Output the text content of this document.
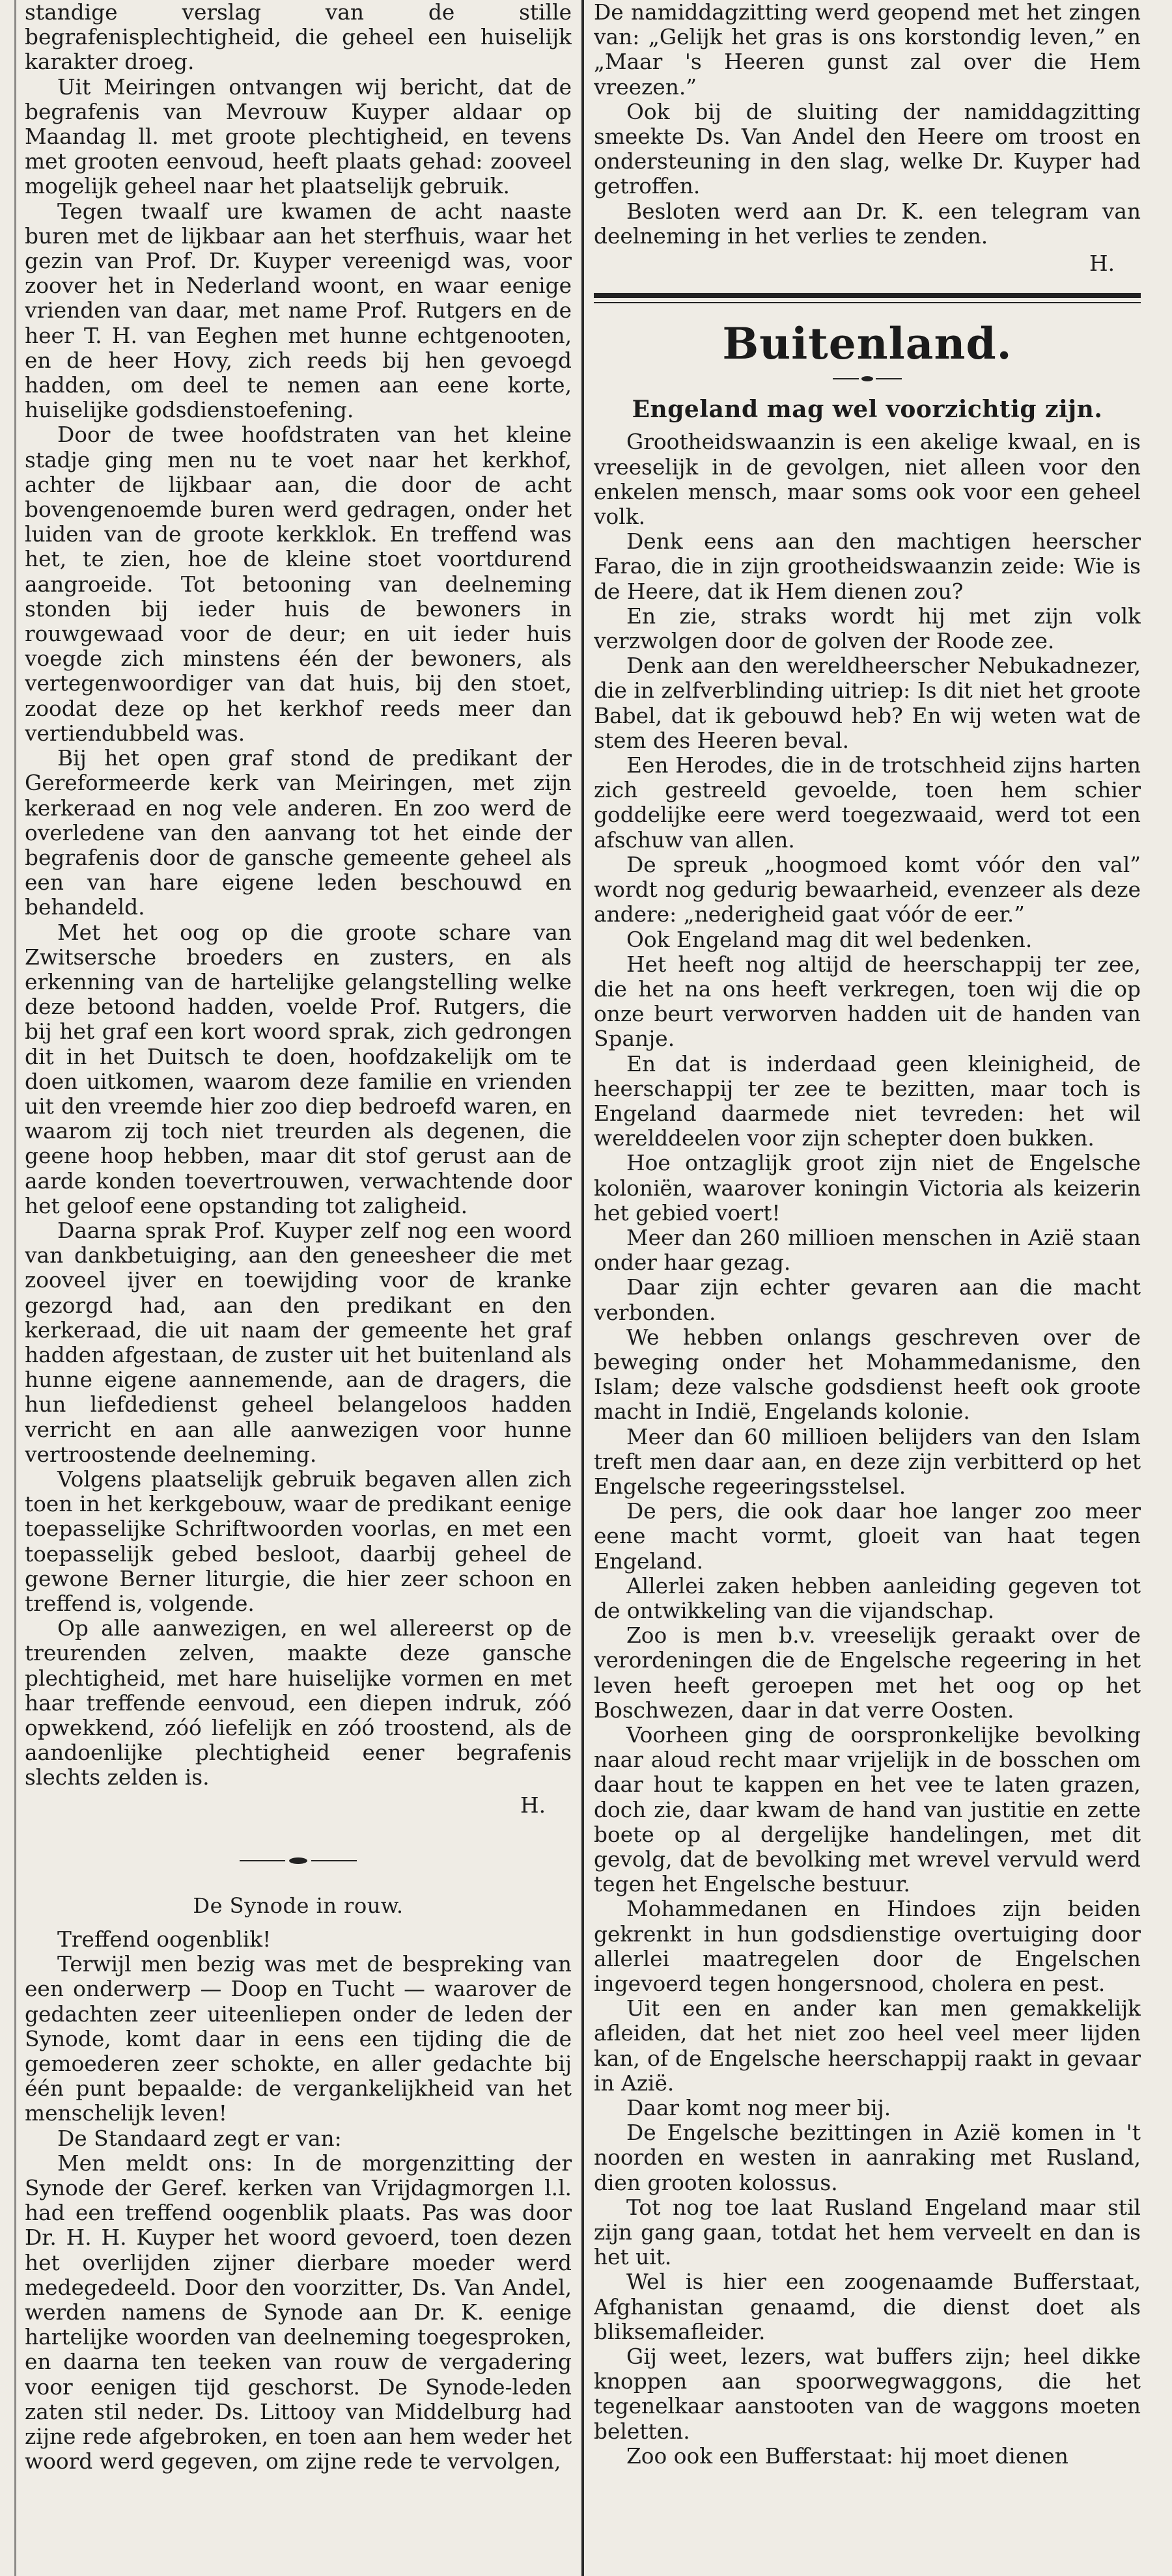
standige verslag van de stille begrafenisplechtigheid, die geheel een huiselijk karakter droeg.

Uit Meiringen ontvangen wij bericht, dat de begrafenis van Mevrouw Kuyper aldaar op Maandag ll. met groote plechtigheid, en tevens met grooten eenvoud, heeft plaats gehad: zooveel mogelijk geheel naar het plaatselijk gebruik.

Tegen twaalf ure kwamen de acht naaste buren met de lijkbaar aan het sterfhuis, waar het gezin van Prof. Dr. Kuyper vereenigd was, voor zoover het in Nederland woont, en waar eenige vrienden van daar, met name Prof. Rutgers en de heer T. H. van Eeghen met hunne echtgenooten, en de heer Hovy, zich reeds bij hen gevoegd hadden, om deel te nemen aan eene korte, huiselijke godsdienstoefening.

Door de twee hoofdstraten van het kleine stadje ging men nu te voet naar het kerkhof, achter de lijkbaar aan, die door de acht bovengenoemde buren werd gedragen, onder het luiden van de groote kerkklok. En treffend was het, te zien, hoe de kleine stoet voortdurend aangroeide. Tot betooning van deelneming stonden bij ieder huis de bewoners in rouwgewaad voor de deur; en uit ieder huis voegde zich minstens één der bewoners, als vertegenwoordiger van dat huis, bij den stoet, zoodat deze op het kerkhof reeds meer dan vertiendubbeld was.

Bij het open graf stond de predikant der Gereformeerde kerk van Meiringen, met zijn kerkeraad en nog vele anderen. En zoo werd de overledene van den aanvang tot het einde der begrafenis door de gansche gemeente geheel als een van hare eigene leden beschouwd en behandeld.

Met het oog op die groote schare van Zwitsersche broeders en zusters, en als erkenning van de hartelijke gelangstelling welke deze betoond hadden, voelde Prof. Rutgers, die bij het graf een kort woord sprak, zich gedrongen dit in het Duitsch te doen, hoofdzakelijk om te doen uitkomen, waarom deze familie en vrienden uit den vreemde hier zoo diep bedroefd waren, en waarom zij toch niet treurden als degenen, die geene hoop hebben, maar dit stof gerust aan de aarde konden toevertrouwen, verwachtende door het geloof eene opstanding tot zaligheid.

Daarna sprak Prof. Kuyper zelf nog een woord van dankbetuiging, aan den geneesheer die met zooveel ijver en toewijding voor de kranke gezorgd had, aan den predikant en den kerkeraad, die uit naam der gemeente het graf hadden afgestaan, de zuster uit het buitenland als hunne eigene aannemende, aan de dragers, die hun liefdedienst geheel belangeloos hadden verricht en aan alle aanwezigen voor hunne vertroostende deelneming.

Volgens plaatselijk gebruik begaven allen zich toen in het kerkgebouw, waar de predikant eenige toepasselijke Schriftwoorden voorlas, en met een toepasselijk gebed besloot, daarbij geheel de gewone Berner liturgie, die hier zeer schoon en treffend is, volgende.

Op alle aanwezigen, en wel allereerst op de treurenden zelven, maakte deze gansche plechtigheid, met hare huiselijke vormen en met haar treffende eenvoud, een diepen indruk, zóó opwekkend, zóó liefelijk en zóó troostend, als de aandoenlijke plechtigheid eener begrafenis slechts zelden is.

H.
De Synode in rouw.

Treffend oogenblik!

Terwijl men bezig was met de bespreking van een onderwerp — Doop en Tucht — waarover de gedachten zeer uiteenliepen onder de leden der Synode, komt daar in eens een tijding die de gemoederen zeer schokte, en aller gedachte bij één punt bepaalde: de vergankelijkheid van het menschelijk leven!

De Standaard zegt er van:

Men meldt ons: In de morgenzitting der Synode der Geref. kerken van Vrijdagmorgen l.l. had een treffend oogenblik plaats. Pas was door Dr. H. H. Kuyper het woord gevoerd, toen dezen het overlijden zijner dierbare moeder werd medegedeeld. Door den voorzitter, Ds. Van Andel, werden namens de Synode aan Dr. K. eenige hartelijke woorden van deelneming toegesproken, en daarna ten teeken van rouw de vergadering voor eenigen tijd geschorst. De Synode-leden zaten stil neder. Ds. Littooy van Middelburg had zijne rede afgebroken, en toen aan hem weder het woord werd gegeven, om zijne rede te vervolgen,

De namiddagzitting werd geopend met het zingen van: „Gelijk het gras is ons korstondig leven,” en „Maar 's Heeren gunst zal over die Hem vreezen.”

Ook bij de sluiting der namiddagzitting smeekte Ds. Van Andel den Heere om troost en ondersteuning in den slag, welke Dr. Kuyper had getroffen.

Besloten werd aan Dr. K. een telegram van deelneming in het verlies te zenden.

H.
Buitenland.
Engeland mag wel voorzichtig zijn.

Grootheidswaanzin is een akelige kwaal, en is vreeselijk in de gevolgen, niet alleen voor den enkelen mensch, maar soms ook voor een geheel volk.

Denk eens aan den machtigen heerscher Farao, die in zijn grootheidswaanzin zeide: Wie is de Heere, dat ik Hem dienen zou?

En zie, straks wordt hij met zijn volk verzwolgen door de golven der Roode zee.

Denk aan den wereldheerscher Nebukadnezer, die in zelfverblinding uitriep: Is dit niet het groote Babel, dat ik gebouwd heb? En wij weten wat de stem des Heeren beval.

Een Herodes, die in de trotschheid zijns harten zich gestreeld gevoelde, toen hem schier goddelijke eere werd toegezwaaid, werd tot een afschuw van allen.

De spreuk „hoogmoed komt vóór den val” wordt nog gedurig bewaarheid, evenzeer als deze andere: „nederigheid gaat vóór de eer.”

Ook Engeland mag dit wel bedenken.

Het heeft nog altijd de heerschappij ter zee, die het na ons heeft verkregen, toen wij die op onze beurt verworven hadden uit de handen van Spanje.

En dat is inderdaad geen kleinigheid, de heerschappij ter zee te bezitten, maar toch is Engeland daarmede niet tevreden: het wil werelddeelen voor zijn schepter doen bukken.

Hoe ontzaglijk groot zijn niet de Engelsche koloniën, waarover koningin Victoria als keizerin het gebied voert!

Meer dan 260 millioen menschen in Azië staan onder haar gezag.

Daar zijn echter gevaren aan die macht verbonden.

We hebben onlangs geschreven over de beweging onder het Mohammedanisme, den Islam; deze valsche godsdienst heeft ook groote macht in Indië, Engelands kolonie.

Meer dan 60 millioen belijders van den Islam treft men daar aan, en deze zijn verbitterd op het Engelsche regeeringsstelsel.

De pers, die ook daar hoe langer zoo meer eene macht vormt, gloeit van haat tegen Engeland.

Allerlei zaken hebben aanleiding gegeven tot de ontwikkeling van die vijandschap.

Zoo is men b.v. vreeselijk geraakt over de verordeningen die de Engelsche regeering in het leven heeft geroepen met het oog op het Boschwezen, daar in dat verre Oosten.

Voorheen ging de oorspronkelijke bevolking naar aloud recht maar vrijelijk in de bosschen om daar hout te kappen en het vee te laten grazen, doch zie, daar kwam de hand van justitie en zette boete op al dergelijke handelingen, met dit gevolg, dat de bevolking met wrevel vervuld werd tegen het Engelsche bestuur.

Mohammedanen en Hindoes zijn beiden gekrenkt in hun godsdienstige overtuiging door allerlei maatregelen door de Engelschen ingevoerd tegen hongersnood, cholera en pest.

Uit een en ander kan men gemakkelijk afleiden, dat het niet zoo heel veel meer lijden kan, of de Engelsche heerschappij raakt in gevaar in Azië.

Daar komt nog meer bij.

De Engelsche bezittingen in Azië komen in 't noorden en westen in aanraking met Rusland, dien grooten kolossus.

Tot nog toe laat Rusland Engeland maar stil zijn gang gaan, totdat het hem verveelt en dan is het uit.

Wel is hier een zoogenaamde Bufferstaat, Afghanistan genaamd, die dienst doet als bliksemafleider.

Gij weet, lezers, wat buffers zijn; heel dikke knoppen aan spoorwegwaggons, die het tegenelkaar aanstooten van de waggons moeten beletten.

Zoo ook een Bufferstaat: hij moet dienen
